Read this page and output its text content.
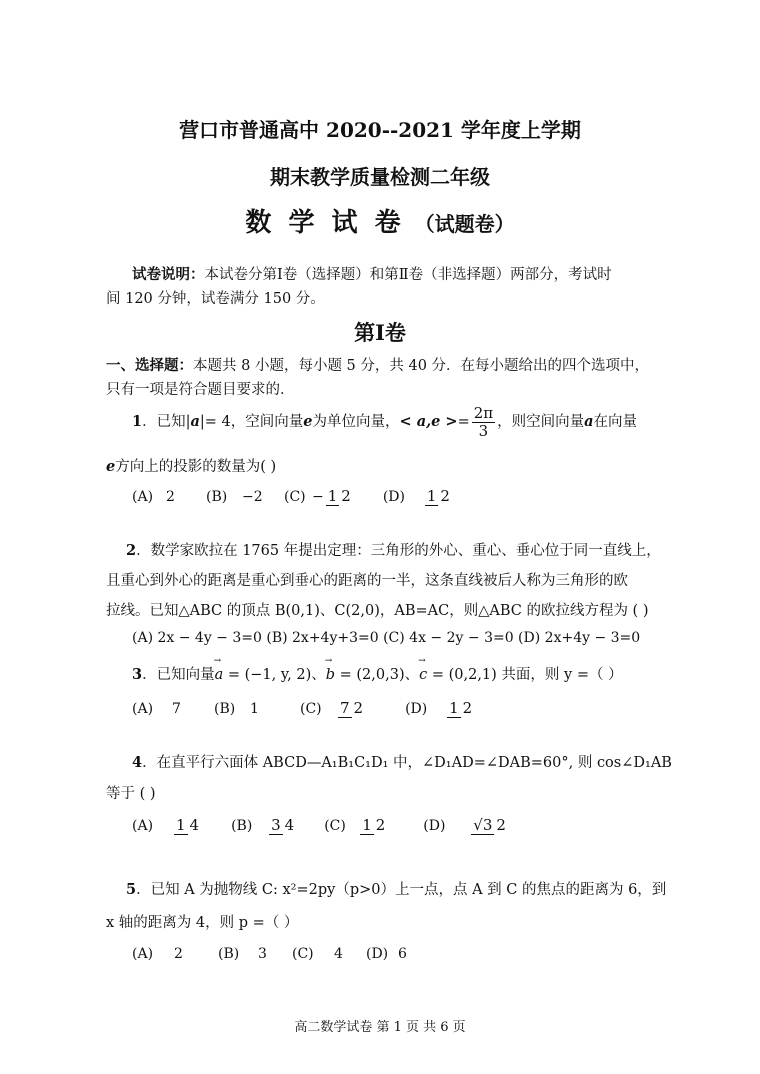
营口市普通高中 2020--2021 学年度上学期
期末教学质量检测二年级
数 学 试 卷 （试题卷）
试卷说明：本试卷分第Ⅰ卷（选择题）和第Ⅱ卷（非选择题）两部分，考试时
间 120 分钟，试卷满分 150 分。
第Ⅰ卷
一、选择题：本题共 8 小题，每小题 5 分，共 40 分．在每小题给出的四个选项中，
只有一项是符合题目要求的．
1．已知|a|= 4，空间向量e为单位向量，< $a,e >= \frac{2\pi}{3}$ ，则空间向量a在向量
e方向上的投影的数量为( )
(A) 2 (B) −2 (C) − 1 2 (D) 1 2
2．数学家欧拉在 1765 年提出定理：三角形的外心、重心、垂心位于同一直线上，
且重心到外心的距离是重心到垂心的距离的一半，这条直线被后人称为三角形的欧
拉线。已知△ABC 的顶点 B(0,1)、C(2,0)，AB=AC，则△ABC 的欧拉线方程为 ( )
(A) 2x − 4y − 3=0 (B) 2x+4y+3=0 (C) 4x − 2y − 3=0 (D) 2x+4y − 3=0
3．已知向量→ a = (−1, y, 2)、→ b = (2,0,3)、→ c = (0,2,1) 共面，则 y =（ ）
(A) 7 (B) 1	(C) 7 2	(D) 1 2
4．在直平行六面体 ABCD—A₁B₁C₁D₁ 中，∠D₁AD=∠DAB=60°, 则 cos∠D₁AB
等于 ( )
(A) 1 4 (B) 3 4 (C) 1 2	(D) √3 2
5．已知 A 为抛物线 C: x²=2py（p>0）上一点，点 A 到 C 的焦点的距离为 6，到
x 轴的距离为 4，则 p =（ ）
(A) 2	(B) 3 (C) 4 (D) 6
高二数学试卷 第 1 页 共 6 页
